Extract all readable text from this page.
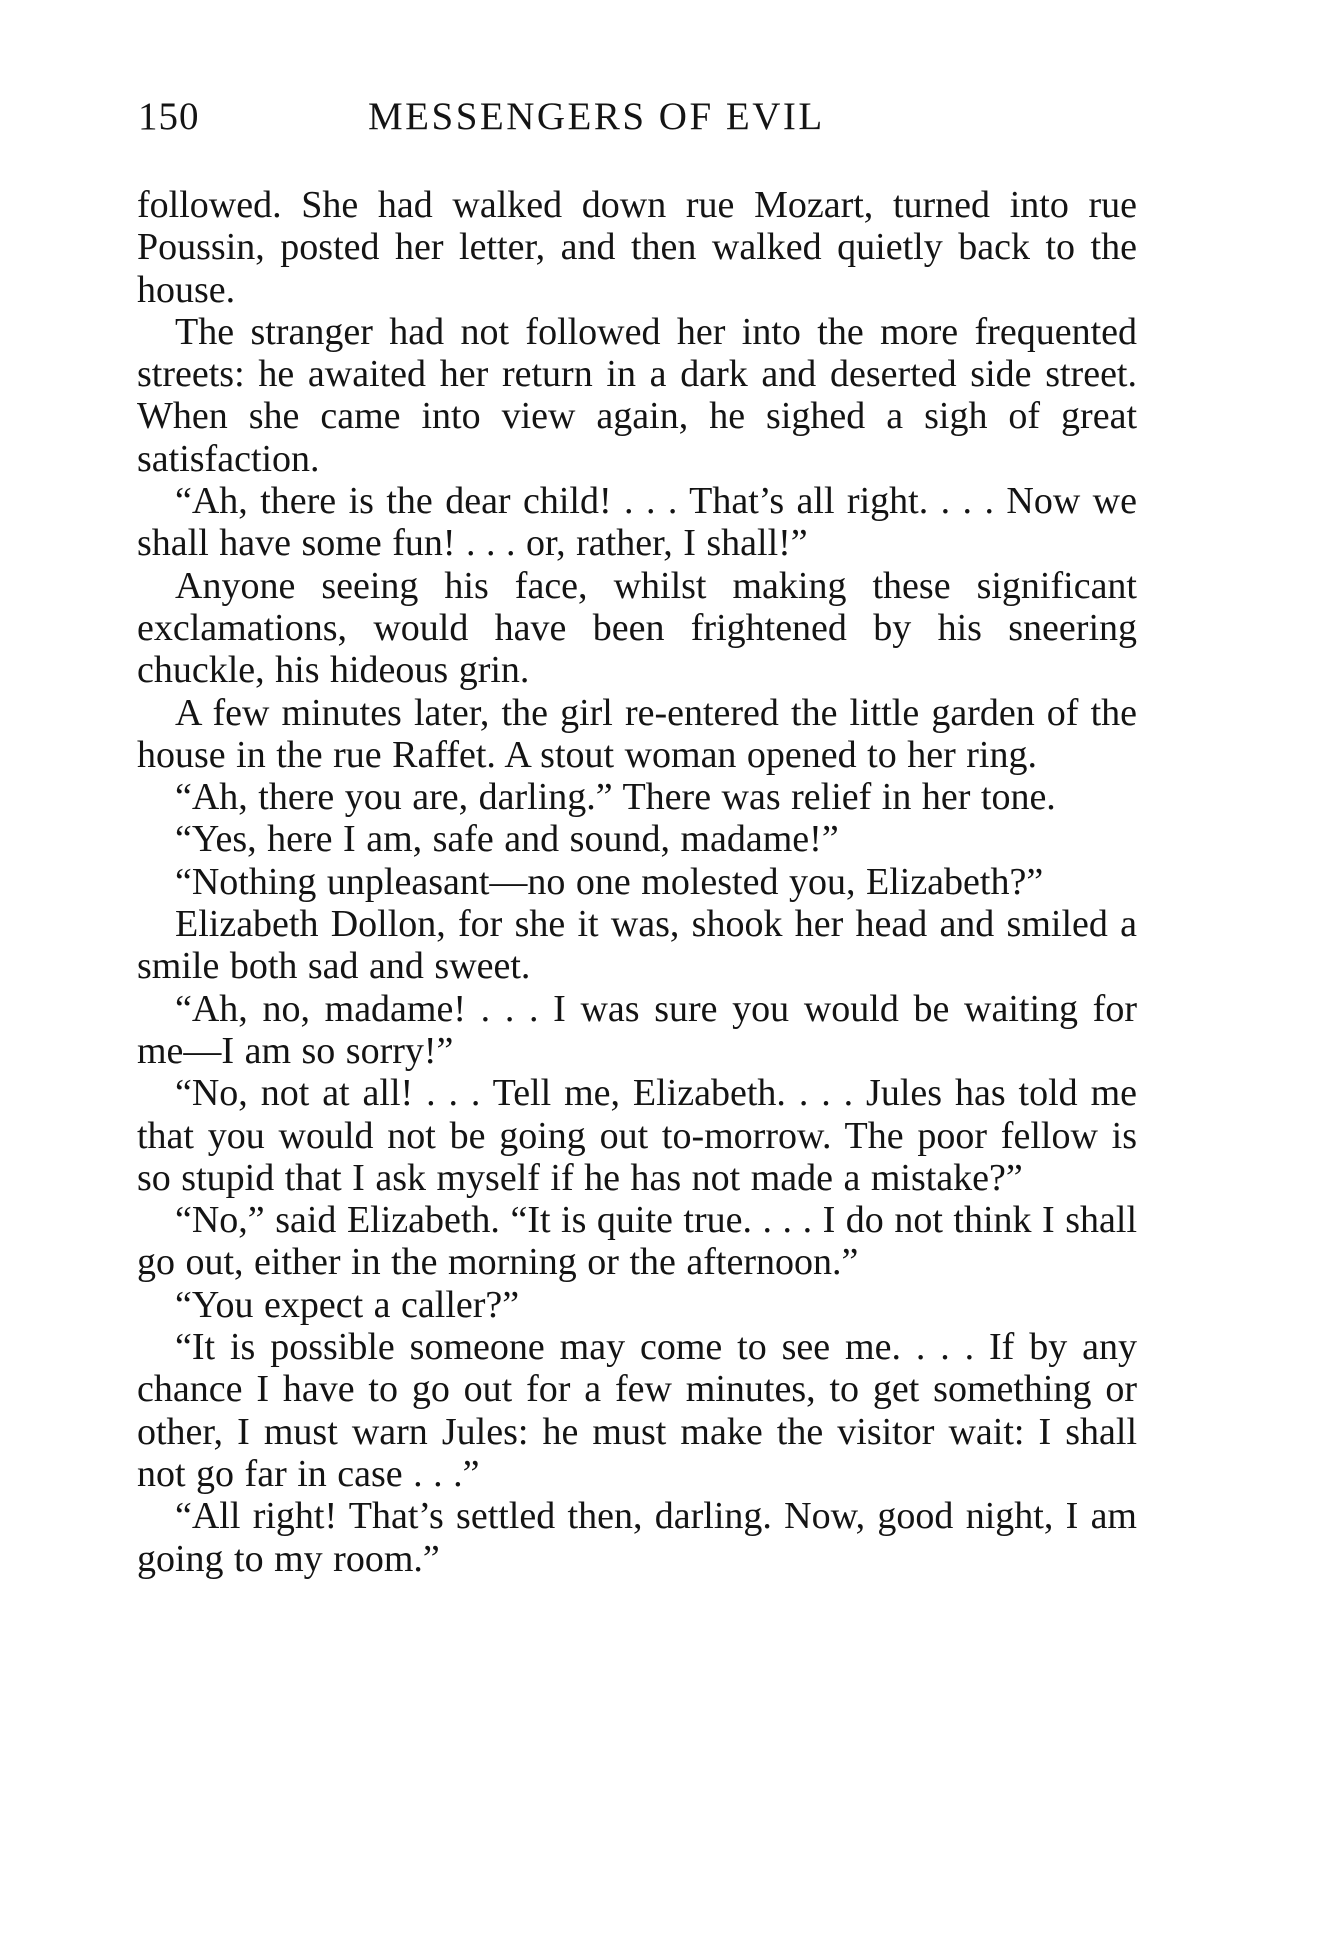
150	MESSENGERS OF EVIL

followed. She had walked down rue Mozart, turned into rue Poussin, posted her letter, and then walked quietly back to the house.

The stranger had not followed her into the more frequented streets: he awaited her return in a dark and deserted side street. When she came into view again, he sighed a sigh of great satisfaction.

“Ah, there is the dear child! . . . That’s all right. . . . Now we shall have some fun! . . . or, rather, I shall!”

Anyone seeing his face, whilst making these significant exclamations, would have been frightened by his sneering chuckle, his hideous grin.

A few minutes later, the girl re-entered the little garden of the house in the rue Raffet. A stout woman opened to her ring.

“Ah, there you are, darling.” There was relief in her tone.

“Yes, here I am, safe and sound, madame!”

“Nothing unpleasant—no one molested you, Elizabeth?”

Elizabeth Dollon, for she it was, shook her head and smiled a smile both sad and sweet.

“Ah, no, madame! . . . I was sure you would be waiting for me—I am so sorry!”

“No, not at all! . . . Tell me, Elizabeth. . . . Jules has told me that you would not be going out to-morrow. The poor fellow is so stupid that I ask myself if he has not made a mistake?”

“No,” said Elizabeth. “It is quite true. . . . I do not think I shall go out, either in the morning or the afternoon.”

“You expect a caller?”

“It is possible someone may come to see me. . . . If by any chance I have to go out for a few minutes, to get something or other, I must warn Jules: he must make the visitor wait: I shall not go far in case . . .”

“All right! That’s settled then, darling. Now, good night, I am going to my room.”
